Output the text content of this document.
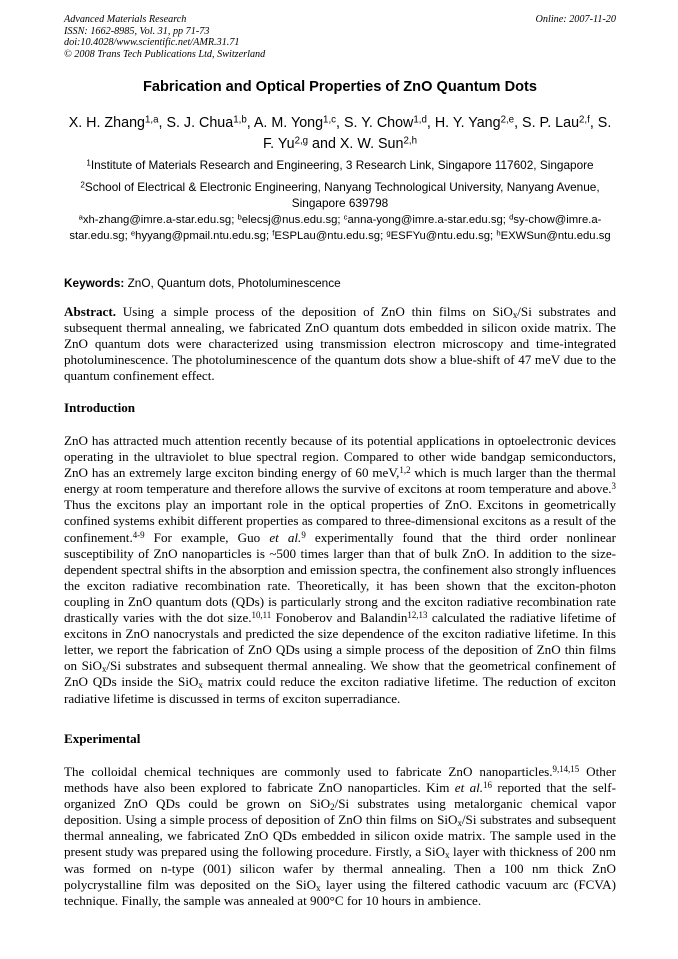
Advanced Materials Research
ISSN: 1662-8985, Vol. 31, pp 71-73
doi:10.4028/www.scientific.net/AMR.31.71
© 2008 Trans Tech Publications Ltd, Switzerland
Online: 2007-11-20
Fabrication and Optical Properties of ZnO Quantum Dots
X. H. Zhang$^{1,a}$, S. J. Chua$^{1,b}$, A. M. Yong$^{1,c}$, S. Y. Chow$^{1,d}$, H. Y. Yang$^{2,e}$, S. P. Lau$^{2,f}$, S. F. Yu$^{2,g}$ and X. W. Sun$^{2,h}$
$^1$Institute of Materials Research and Engineering, 3 Research Link, Singapore 117602, Singapore
$^2$School of Electrical & Electronic Engineering, Nanyang Technological University, Nanyang Avenue, Singapore 639798
$^a$xh-zhang@imre.a-star.edu.sg; $^b$elecsj@nus.edu.sg; $^c$anna-yong@imre.a-star.edu.sg; $^d$sy-chow@imre.a-star.edu.sg; $^e$hyyang@pmail.ntu.edu.sg; $^f$ESPLau@ntu.edu.sg; $^g$ESFYu@ntu.edu.sg; $^h$EXWSun@ntu.edu.sg
Keywords: ZnO, Quantum dots, Photoluminescence
Abstract. Using a simple process of the deposition of ZnO thin films on SiO$_x$/Si substrates and subsequent thermal annealing, we fabricated ZnO quantum dots embedded in silicon oxide matrix. The ZnO quantum dots were characterized using transmission electron microscopy and time-integrated photoluminescence. The photoluminescence of the quantum dots show a blue-shift of 47 meV due to the quantum confinement effect.
Introduction
ZnO has attracted much attention recently because of its potential applications in optoelectronic devices operating in the ultraviolet to blue spectral region. Compared to other wide bandgap semiconductors, ZnO has an extremely large exciton binding energy of 60 meV,$^{1,2}$ which is much larger than the thermal energy at room temperature and therefore allows the survive of excitons at room temperature and above.$^3$ Thus the excitons play an important role in the optical properties of ZnO. Excitons in geometrically confined systems exhibit different properties as compared to three-dimensional excitons as a result of the confinement.$^{4-9}$ For example, Guo et al.$^9$ experimentally found that the third order nonlinear susceptibility of ZnO nanoparticles is ~500 times larger than that of bulk ZnO. In addition to the size-dependent spectral shifts in the absorption and emission spectra, the confinement also strongly influences the exciton radiative recombination rate. Theoretically, it has been shown that the exciton-photon coupling in ZnO quantum dots (QDs) is particularly strong and the exciton radiative recombination rate drastically varies with the dot size.$^{10,11}$ Fonoberov and Balandin$^{12,13}$ calculated the radiative lifetime of excitons in ZnO nanocrystals and predicted the size dependence of the exciton radiative lifetime. In this letter, we report the fabrication of ZnO QDs using a simple process of the deposition of ZnO thin films on SiO$_x$/Si substrates and subsequent thermal annealing. We show that the geometrical confinement of ZnO QDs inside the SiO$_x$ matrix could reduce the exciton radiative lifetime. The reduction of exciton radiative lifetime is discussed in terms of exciton superradiance.
Experimental
The colloidal chemical techniques are commonly used to fabricate ZnO nanoparticles.$^{9,14,15}$ Other methods have also been explored to fabricate ZnO nanoparticles. Kim et al.$^{16}$ reported that the self-organized ZnO QDs could be grown on SiO$_2$/Si substrates using metalorganic chemical vapor deposition. Using a simple process of deposition of ZnO thin films on SiO$_x$/Si substrates and subsequent thermal annealing, we fabricated ZnO QDs embedded in silicon oxide matrix. The sample used in the present study was prepared using the following procedure. Firstly, a SiO$_x$ layer with thickness of 200 nm was formed on n-type (001) silicon wafer by thermal annealing. Then a 100 nm thick ZnO polycrystalline film was deposited on the SiO$_x$ layer using the filtered cathodic vacuum arc (FCVA) technique. Finally, the sample was annealed at 900°C for 10 hours in ambience.
